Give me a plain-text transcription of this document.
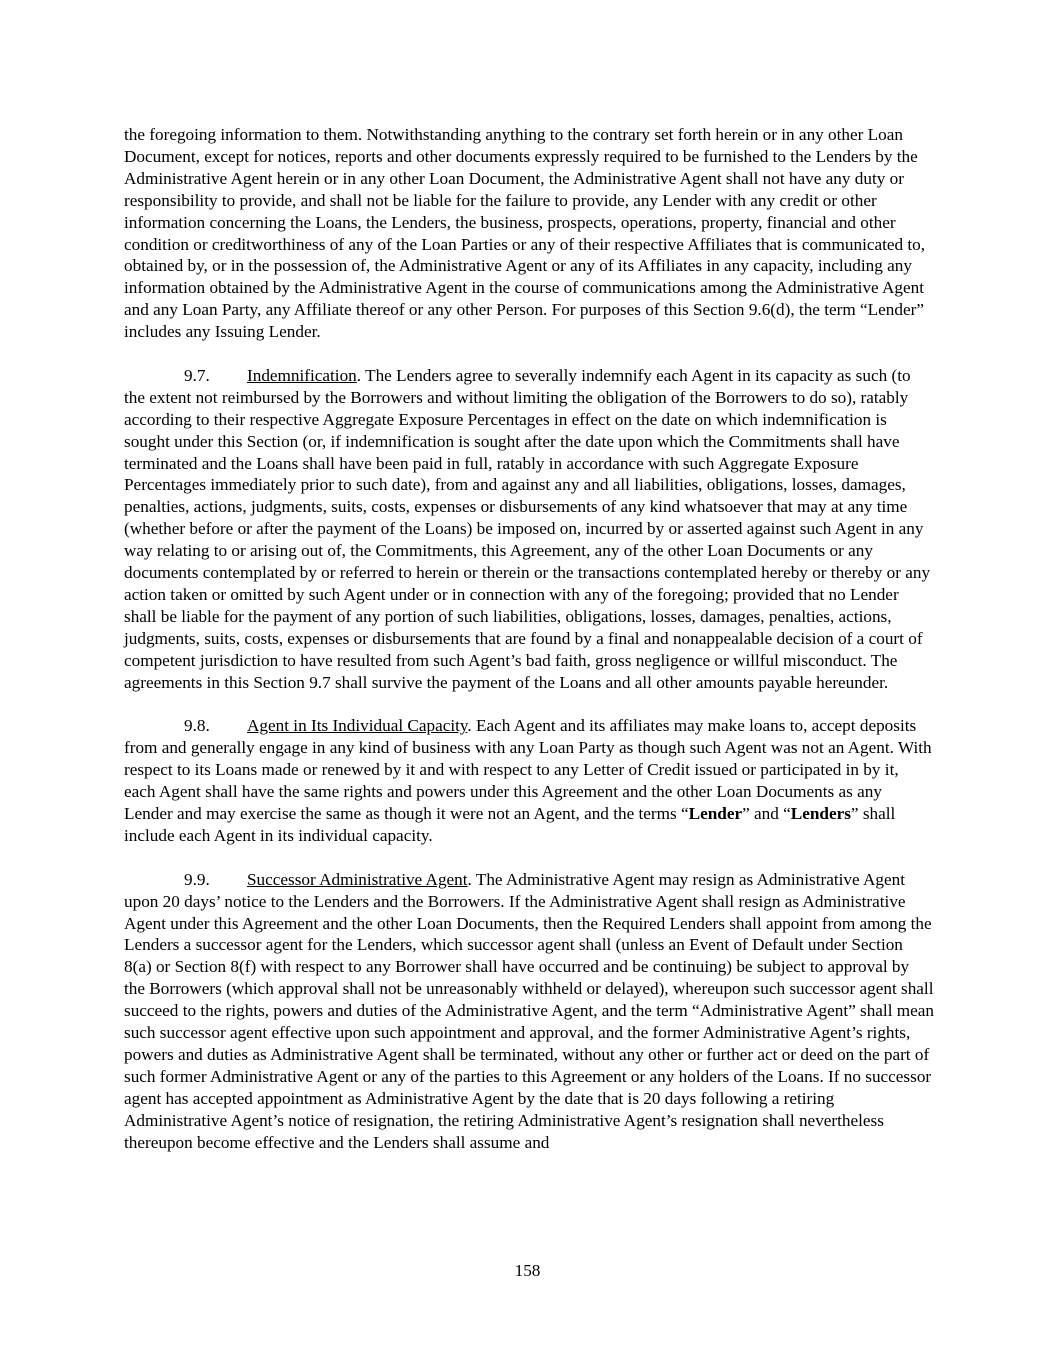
the foregoing information to them. Notwithstanding anything to the contrary set forth herein or in any other Loan Document, except for notices, reports and other documents expressly required to be furnished to the Lenders by the Administrative Agent herein or in any other Loan Document, the Administrative Agent shall not have any duty or responsibility to provide, and shall not be liable for the failure to provide, any Lender with any credit or other information concerning the Loans, the Lenders, the business, prospects, operations, property, financial and other condition or creditworthiness of any of the Loan Parties or any of their respective Affiliates that is communicated to, obtained by, or in the possession of, the Administrative Agent or any of its Affiliates in any capacity, including any information obtained by the Administrative Agent in the course of communications among the Administrative Agent and any Loan Party, any Affiliate thereof or any other Person. For purposes of this Section 9.6(d), the term “Lender” includes any Issuing Lender.

9.7. Indemnification. The Lenders agree to severally indemnify each Agent in its capacity as such (to the extent not reimbursed by the Borrowers and without limiting the obligation of the Borrowers to do so), ratably according to their respective Aggregate Exposure Percentages in effect on the date on which indemnification is sought under this Section (or, if indemnification is sought after the date upon which the Commitments shall have terminated and the Loans shall have been paid in full, ratably in accordance with such Aggregate Exposure Percentages immediately prior to such date), from and against any and all liabilities, obligations, losses, damages, penalties, actions, judgments, suits, costs, expenses or disbursements of any kind whatsoever that may at any time (whether before or after the payment of the Loans) be imposed on, incurred by or asserted against such Agent in any way relating to or arising out of, the Commitments, this Agreement, any of the other Loan Documents or any documents contemplated by or referred to herein or therein or the transactions contemplated hereby or thereby or any action taken or omitted by such Agent under or in connection with any of the foregoing; provided that no Lender shall be liable for the payment of any portion of such liabilities, obligations, losses, damages, penalties, actions, judgments, suits, costs, expenses or disbursements that are found by a final and nonappealable decision of a court of competent jurisdiction to have resulted from such Agent’s bad faith, gross negligence or willful misconduct. The agreements in this Section 9.7 shall survive the payment of the Loans and all other amounts payable hereunder.

9.8. Agent in Its Individual Capacity. Each Agent and its affiliates may make loans to, accept deposits from and generally engage in any kind of business with any Loan Party as though such Agent was not an Agent. With respect to its Loans made or renewed by it and with respect to any Letter of Credit issued or participated in by it, each Agent shall have the same rights and powers under this Agreement and the other Loan Documents as any Lender and may exercise the same as though it were not an Agent, and the terms “Lender” and “Lenders” shall include each Agent in its individual capacity.

9.9. Successor Administrative Agent. The Administrative Agent may resign as Administrative Agent upon 20 days’ notice to the Lenders and the Borrowers. If the Administrative Agent shall resign as Administrative Agent under this Agreement and the other Loan Documents, then the Required Lenders shall appoint from among the Lenders a successor agent for the Lenders, which successor agent shall (unless an Event of Default under Section 8(a) or Section 8(f) with respect to any Borrower shall have occurred and be continuing) be subject to approval by the Borrowers (which approval shall not be unreasonably withheld or delayed), whereupon such successor agent shall succeed to the rights, powers and duties of the Administrative Agent, and the term “Administrative Agent” shall mean such successor agent effective upon such appointment and approval, and the former Administrative Agent’s rights, powers and duties as Administrative Agent shall be terminated, without any other or further act or deed on the part of such former Administrative Agent or any of the parties to this Agreement or any holders of the Loans. If no successor agent has accepted appointment as Administrative Agent by the date that is 20 days following a retiring Administrative Agent’s notice of resignation, the retiring Administrative Agent’s resignation shall nevertheless thereupon become effective and the Lenders shall assume and

158
